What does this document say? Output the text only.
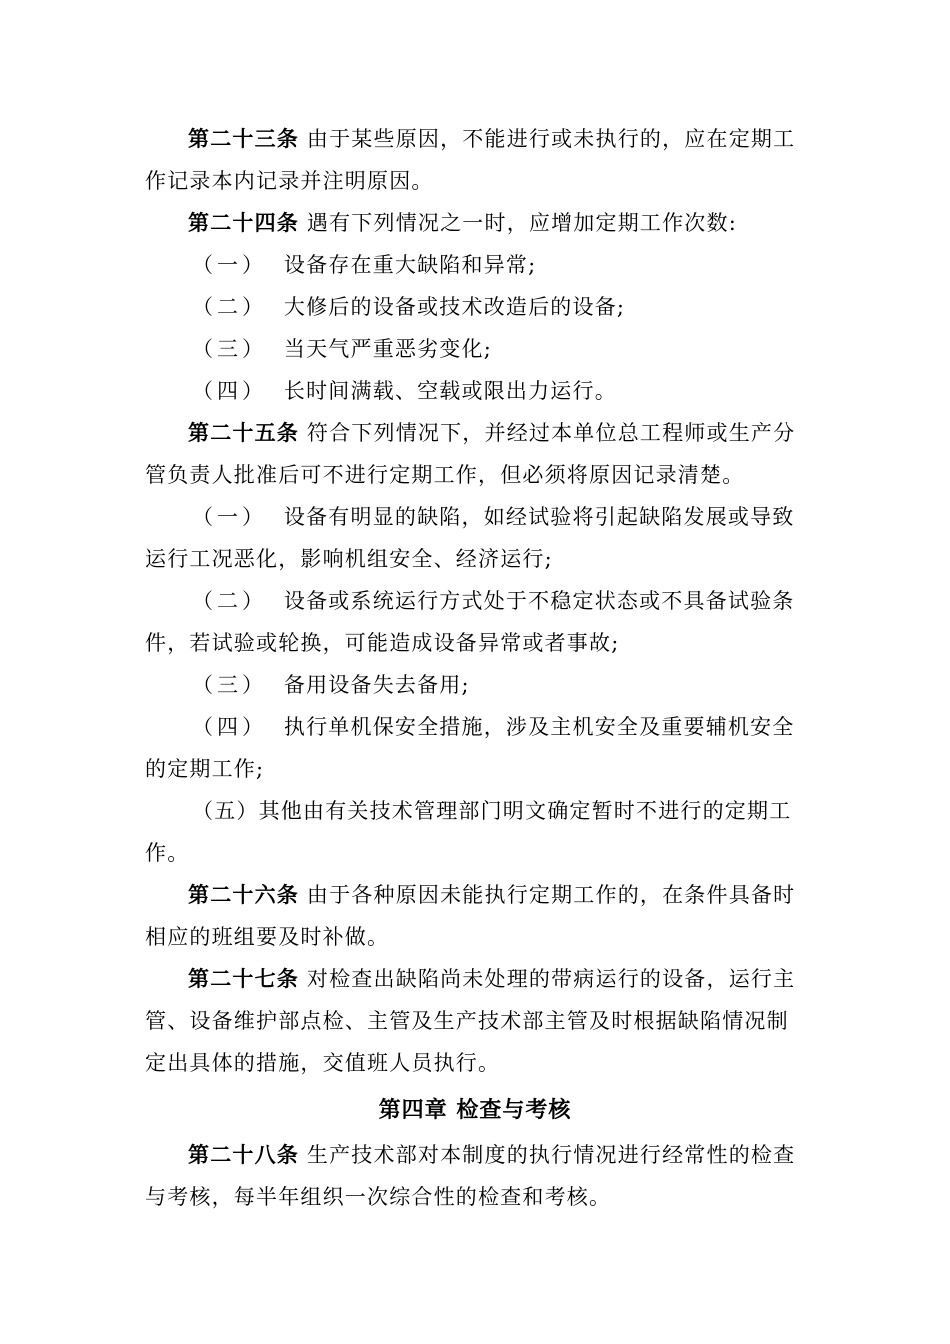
第二十三条 由于某些原因，不能进行或未执行的，应在定期工
作记录本内记录并注明原因。
第二十四条 遇有下列情况之一时，应增加定期工作次数:
（一） 设备存在重大缺陷和异常;
（二） 大修后的设备或技术改造后的设备;
（三） 当天气严重恶劣变化;
（四） 长时间满载、空载或限出力运行。
第二十五条 符合下列情况下，并经过本单位总工程师或生产分
管负责人批准后可不进行定期工作，但必须将原因记录清楚。
（一） 设备有明显的缺陷，如经试验将引起缺陷发展或导致
运行工况恶化，影响机组安全、经济运行;
（二） 设备或系统运行方式处于不稳定状态或不具备试验条
件，若试验或轮换，可能造成设备异常或者事故;
（三） 备用设备失去备用;
（四） 执行单机保安全措施，涉及主机安全及重要辅机安全
的定期工作;
（五）其他由有关技术管理部门明文确定暂时不进行的定期工
作。
第二十六条 由于各种原因未能执行定期工作的，在条件具备时
相应的班组要及时补做。
第二十七条 对检查出缺陷尚未处理的带病运行的设备，运行主
管、设备维护部点检、主管及生产技术部主管及时根据缺陷情况制
定出具体的措施，交值班人员执行。
第四章 检查与考核
第二十八条 生产技术部对本制度的执行情况进行经常性的检查
与考核，每半年组织一次综合性的检查和考核。
